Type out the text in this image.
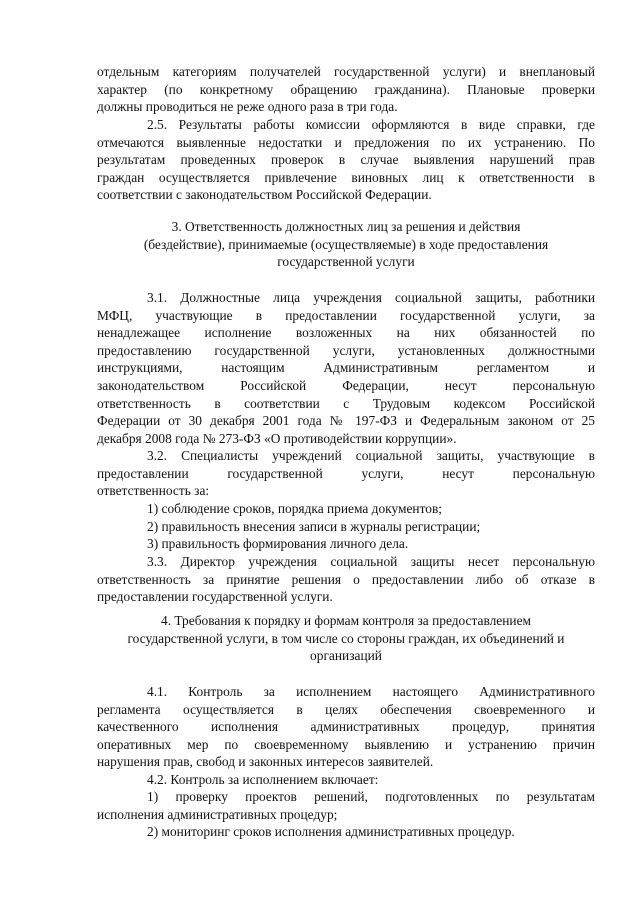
отдельным категориям получателей государственной услуги) и внеплановый
характер (по конкретному обращению гражданина). Плановые проверки
должны проводиться не реже одного раза в три года.
2.5. Результаты работы комиссии оформляются в виде справки, где
отмечаются выявленные недостатки и предложения по их устранению. По
результатам проведенных проверок в случае выявления нарушений прав
граждан осуществляется привлечение виновных лиц к ответственности в
соответствии с законодательством Российской Федерации.
3. Ответственность должностных лиц за решения и действия
(бездействие), принимаемые (осуществляемые) в ходе предоставления
государственной услуги
3.1. Должностные лица учреждения социальной защиты, работники
МФЦ, участвующие в предоставлении государственной услуги, за
ненадлежащее исполнение возложенных на них обязанностей по
предоставлению государственной услуги, установленных должностными
инструкциями, настоящим Административным регламентом и
законодательством Российской Федерации, несут персональную
ответственность в соответствии с Трудовым кодексом Российской
Федерации от 30 декабря 2001 года № 197-ФЗ и Федеральным законом от 25
декабря 2008 года № 273-ФЗ «О противодействии коррупции».
3.2. Специалисты учреждений социальной защиты, участвующие в
предоставлении государственной услуги, несут персональную
ответственность за:
1) соблюдение сроков, порядка приема документов;
2) правильность внесения записи в журналы регистрации;
3) правильность формирования личного дела.
3.3. Директор учреждения социальной защиты несет персональную
ответственность за принятие решения о предоставлении либо об отказе в
предоставлении государственной услуги.
4. Требования к порядку и формам контроля за предоставлением
государственной услуги, в том числе со стороны граждан, их объединений и
организаций
4.1. Контроль за исполнением настоящего Административного
регламента осуществляется в целях обеспечения своевременного и
качественного исполнения административных процедур, принятия
оперативных мер по своевременному выявлению и устранению причин
нарушения прав, свобод и законных интересов заявителей.
4.2. Контроль за исполнением включает:
1) проверку проектов решений, подготовленных по результатам
исполнения административных процедур;
2) мониторинг сроков исполнения административных процедур.
